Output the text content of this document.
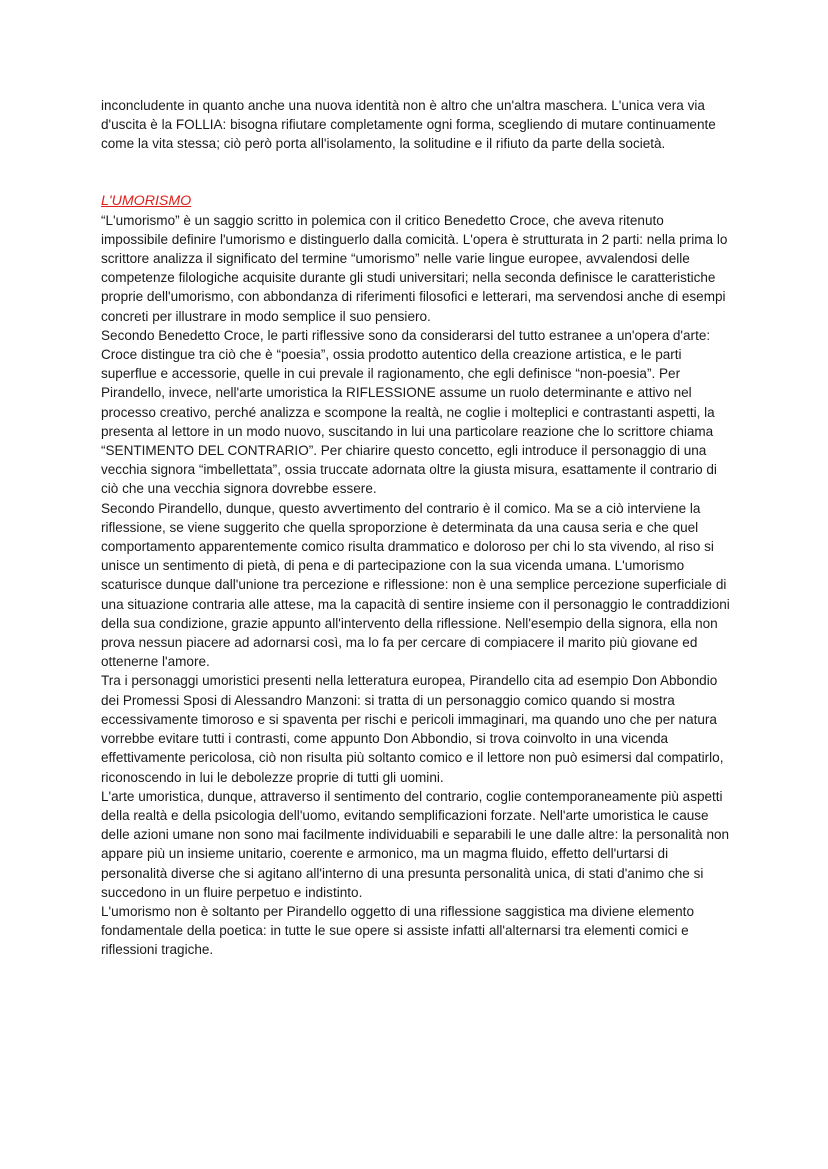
inconcludente in quanto anche una nuova identità non è altro che un'altra maschera. L'unica vera via d'uscita è la FOLLIA: bisogna rifiutare completamente ogni forma, scegliendo di mutare continuamente come la vita stessa; ciò però porta all'isolamento, la solitudine e il rifiuto da parte della società.

L'UMORISMO

“L'umorismo” è un saggio scritto in polemica con il critico Benedetto Croce, che aveva ritenuto impossibile definire l'umorismo e distinguerlo dalla comicità. L'opera è strutturata in 2 parti: nella prima lo scrittore analizza il significato del termine “umorismo” nelle varie lingue europee, avvalendosi delle competenze filologiche acquisite durante gli studi universitari; nella seconda definisce le caratteristiche proprie dell'umorismo, con abbondanza di riferimenti filosofici e letterari, ma servendosi anche di esempi concreti per illustrare in modo semplice il suo pensiero.

Secondo Benedetto Croce, le parti riflessive sono da considerarsi del tutto estranee a un'opera d'arte: Croce distingue tra ciò che è “poesia”, ossia prodotto autentico della creazione artistica, e le parti superflue e accessorie, quelle in cui prevale il ragionamento, che egli definisce “non-poesia”. Per Pirandello, invece, nell'arte umoristica la RIFLESSIONE assume un ruolo determinante e attivo nel processo creativo, perché analizza e scompone la realtà, ne coglie i molteplici e contrastanti aspetti, la presenta al lettore in un modo nuovo, suscitando in lui una particolare reazione che lo scrittore chiama “SENTIMENTO DEL CONTRARIO”. Per chiarire questo concetto, egli introduce il personaggio di una vecchia signora “imbellettata”, ossia truccate adornata oltre la giusta misura, esattamente il contrario di ciò che una vecchia signora dovrebbe essere.

Secondo Pirandello, dunque, questo avvertimento del contrario è il comico. Ma se a ciò interviene la riflessione, se viene suggerito che quella sproporzione è determinata da una causa seria e che quel comportamento apparentemente comico risulta drammatico e doloroso per chi lo sta vivendo, al riso si unisce un sentimento di pietà, di pena e di partecipazione con la sua vicenda umana. L'umorismo scaturisce dunque dall'unione tra percezione e riflessione: non è una semplice percezione superficiale di una situazione contraria alle attese, ma la capacità di sentire insieme con il personaggio le contraddizioni della sua condizione, grazie appunto all'intervento della riflessione. Nell'esempio della signora, ella non prova nessun piacere ad adornarsi così, ma lo fa per cercare di compiacere il marito più giovane ed ottenerne l'amore.

Tra i personaggi umoristici presenti nella letteratura europea, Pirandello cita ad esempio Don Abbondio dei Promessi Sposi di Alessandro Manzoni: si tratta di un personaggio comico quando si mostra eccessivamente timoroso e si spaventa per rischi e pericoli immaginari, ma quando uno che per natura vorrebbe evitare tutti i contrasti, come appunto Don Abbondio, si trova coinvolto in una vicenda effettivamente pericolosa, ciò non risulta più soltanto comico e il lettore non può esimersi dal compatirlo, riconoscendo in lui le debolezze proprie di tutti gli uomini.

L'arte umoristica, dunque, attraverso il sentimento del contrario, coglie contemporaneamente più aspetti della realtà e della psicologia dell'uomo, evitando semplificazioni forzate. Nell'arte umoristica le cause delle azioni umane non sono mai facilmente individuabili e separabili le une dalle altre: la personalità non appare più un insieme unitario, coerente e armonico, ma un magma fluido, effetto dell'urtarsi di personalità diverse che si agitano all'interno di una presunta personalità unica, di stati d'animo che si succedono in un fluire perpetuo e indistinto.

L'umorismo non è soltanto per Pirandello oggetto di una riflessione saggistica ma diviene elemento fondamentale della poetica: in tutte le sue opere si assiste infatti all'alternarsi tra elementi comici e riflessioni tragiche.
